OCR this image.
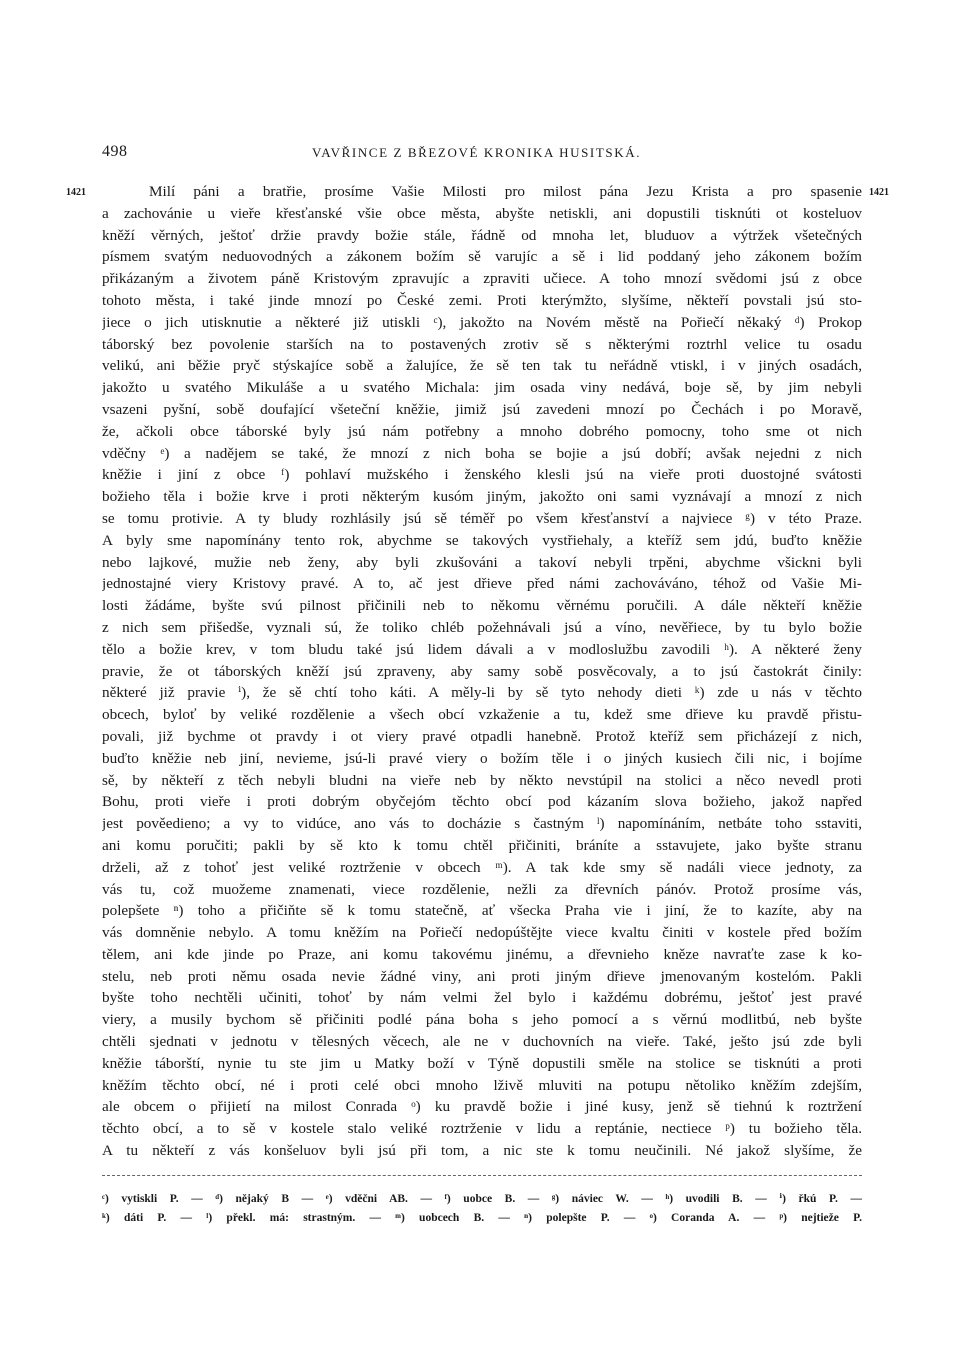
498	VAVŘINCE Z BŘEZOVÉ KRONIKA HUSITSKÁ.
1421	1421
Milí páni a bratřie, prosíme Vašie Milosti pro milost pána Jezu Krista a pro spasenie
a zachovánie u vieře křesťanské všie obce města, abyšte netiskli, ani dopustili tisknúti ot kosteluov
kněží věrných, ještoť držie pravdy božie stále, řádně od mnoha let, bluduov a výtržek všetečných
písmem svatým neduovodných a zákonem božím sě varujíc a sě i lid poddaný jeho zákonem božím
přikázaným a životem páně Kristovým zpravujíc a zpraviti učiece. A toho mnozí svědomi jsú z obce
tohoto města, i také jinde mnozí po České zemi. Proti kterýmžto, slyšíme, někteří povstali jsú sto-
jiece o jich utisknutie a některé již utiskli ᶜ), jakožto na Novém městě na Pořiečí někaký ᵈ) Prokop
táborský bez povolenie starších na to postavených zrotiv sě s některými roztrhl velice tu osadu
velikú, ani běžie pryč stýskajíce sobě a žalujíce, že sě ten tak tu neřádně vtiskl, i v jiných osadách,
jakožto u svatého Mikuláše a u svatého Michala: jim osada viny nedává, boje sě, by jim nebyli
vsazeni pyšní, sobě doufající všeteční kněžie, jimiž jsú zavedeni mnozí po Čechách i po Moravě,
že, ačkoli obce táborské byly jsú nám potřebny a mnoho dobrého pomocny, toho sme ot nich
vděčny ᵉ) a nadějem se také, že mnozí z nich boha se bojie a jsú dobří; avšak nejedni z nich
kněžie i jiní z obce ᶠ) pohlaví mužského i ženského klesli jsú na vieře proti duostojné svátosti
božieho těla i božie krve i proti některým kusóm jiným, jakožto oni sami vyznávají a mnozí z nich
se tomu protivie. A ty bludy rozhlásily jsú sě téměř po všem křesťanství a najviece ᵍ) v této Praze.
A byly sme napomínány tento rok, abychme se takových vystřiehaly, a kteříž sem jdú, buďto kněžie
nebo lajkové, mužie neb ženy, aby byli zkušováni a takoví nebyli trpěni, abychme všickni byli
jednostajné viery Kristovy pravé. A to, ač jest dřieve před námi zachováváno, téhož od Vašie Mi-
losti žádáme, byšte svú pilnost přičinili neb to někomu věrnému poručili. A dále někteří kněžie
z nich sem přišedše, vyznali sú, že toliko chléb požehnávali jsú a víno, nevěřiece, by tu bylo božie
tělo a božie krev, v tom bludu také jsú lidem dávali a v modloslužbu zavodili ʰ). A některé ženy
pravie, že ot táborských kněží jsú zpraveny, aby samy sobě posvěcovaly, a to jsú častokrát činily:
některé již pravie ⁱ), že sě chtí toho káti. A měly-li by sě tyto nehody dieti ᵏ) zde u nás v těchto
obcech, byloť by veliké rozdělenie a všech obcí vzkaženie a tu, kdež sme dřieve ku pravdě přistu-
povali, již bychme ot pravdy i ot viery pravé otpadli hanebně. Protož kteříž sem přicházejí z nich,
buďto kněžie neb jiní, nevieme, jsú-li pravé viery o božím těle i o jiných kusiech čili nic, i bojíme
sě, by někteří z těch nebyli bludni na vieře neb by někto nevstúpil na stolici a něco nevedl proti
Bohu, proti vieře i proti dobrým obyčejóm těchto obcí pod kázaním slova božieho, jakož napřed
jest pověedieno; a vy to vidúce, ano vás to docházie s častným ˡ) napomínáním, netbáte toho sstaviti,
ani komu poručiti; pakli by sě kto k tomu chtěl přičiniti, bráníte a sstavujete, jako byšte stranu
drželi, až z tohoť jest veliké roztrženie v obcech ᵐ). A tak kde smy sě nadáli viece jednoty, za
vás tu, což muožeme znamenati, viece rozdělenie, nežli za dřevních pánóv. Protož prosíme vás,
polepšete ⁿ) toho a přičiňte sě k tomu statečně, ať všecka Praha vie i jiní, že to kazíte, aby na
vás domněnie nebylo. A tomu kněžím na Pořiečí nedopúštějte viece kvaltu činiti v kostele před božím
tělem, ani kde jinde po Praze, ani komu takovému jinému, a dřevnieho kněze navraťte zase k ko-
stelu, neb proti němu osada nevie žádné viny, ani proti jiným dřieve jmenovaným kostelóm. Pakli
byšte toho nechtěli učiniti, tohoť by nám velmi žel bylo i každému dobrému, ještoť jest pravé
viery, a musily bychom sě přičiniti podlé pána boha s jeho pomocí a s věrnú modlitbú, neb byšte
chtěli sjednati v jednotu v tělesných věcech, ale ne v duchovních na vieře. Také, ješto jsú zde byli
kněžie táborští, nynie tu ste jim u Matky boží v Týně dopustili směle na stolice se tisknúti a proti
kněžím těchto obcí, né i proti celé obci mnoho lživě mluviti na potupu nětoliko kněžím zdejším,
ale obcem o přijietí na milost Conrada ᵒ) ku pravdě božie i jiné kusy, jenž sě tiehnú k roztržení
těchto obcí, a to sě v kostele stalo veliké roztrženie v lidu a reptánie, nectiece ᵖ) tu božieho těla.
A tu někteří z vás konšeluov byli jsú při tom, a nic ste k tomu neučinili. Né jakož slyšíme, že
ᶜ) vytiskli P. — ᵈ) nějaký B — ᵉ) vděčni AB. — ᶠ) uobce B. — ᵍ) náviec W. — ʰ) uvodili B. — ⁱ) řkú P. —
ᵏ) dáti P. — ˡ) překl. má: strastným. — ᵐ) uobcech B. — ⁿ) polepšte P. — ᵒ) Coranda A. — ᵖ) nejtieže P.
